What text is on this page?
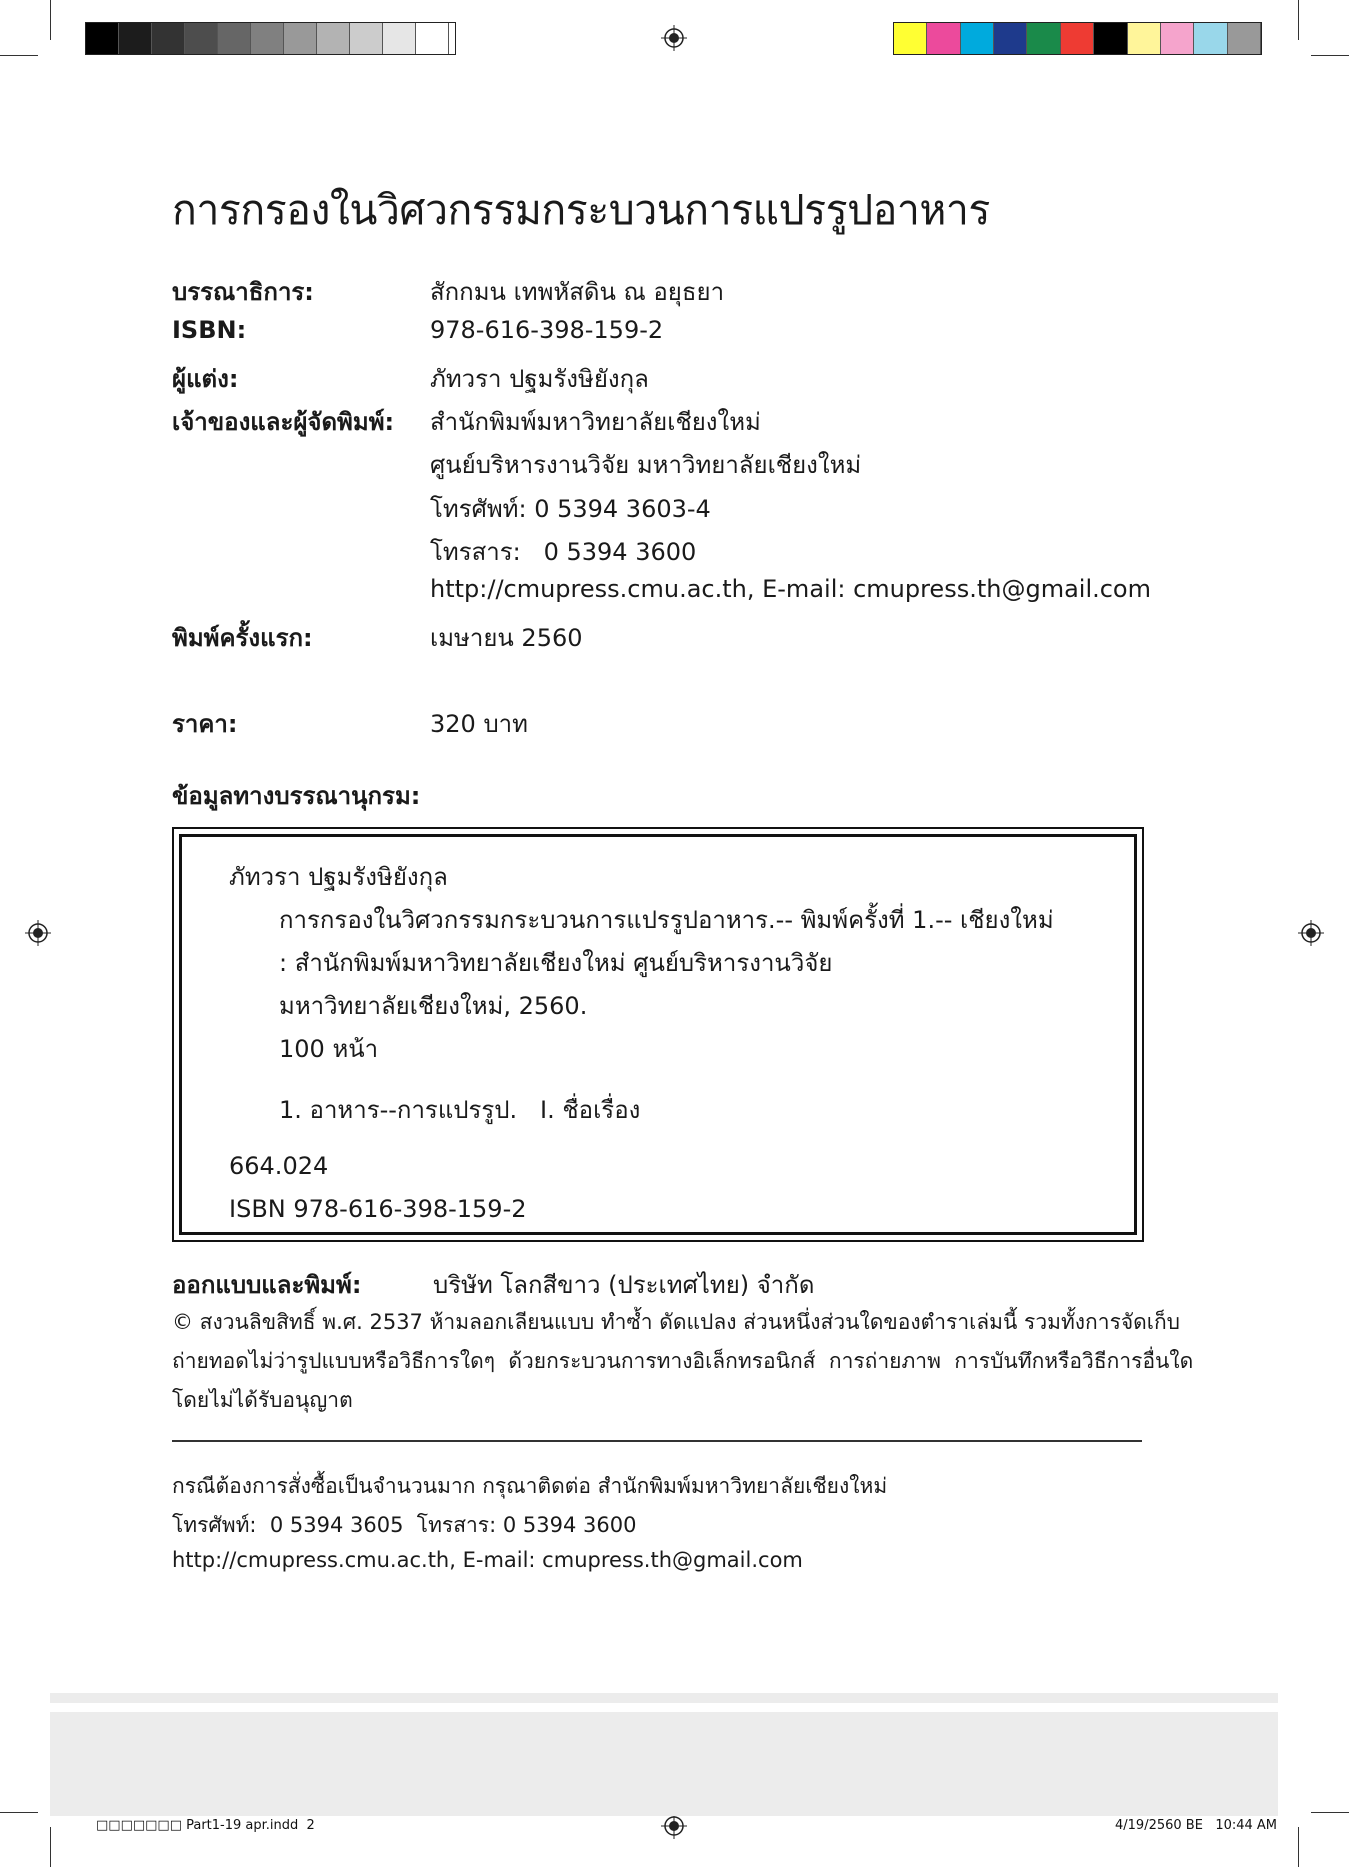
การกรองในวิศวกรรมกระบวนการแปรรูปอาหาร
บรรณาธิการ:	สักกมน เทพหัสดิน ณ อยุธยา
ISBN:	978-616-398-159-2
ผู้แต่ง:	ภัทวรา ปฐมรังษิยังกุล
เจ้าของและผู้จัดพิมพ์: สำนักพิมพ์มหาวิทยาลัยเชียงใหม่
ศูนย์บริหารงานวิจัย มหาวิทยาลัยเชียงใหม่
โทรศัพท์: 0 5394 3603-4
โทรสาร:   0 5394 3600
http://cmupress.cmu.ac.th, E-mail: cmupress.th@gmail.com
พิมพ์ครั้งแรก:	เมษายน 2560
ราคา:	320 บาท
ข้อมูลทางบรรณานุกรม:
ภัทวรา ปฐมรังษิยังกุล
การกรองในวิศวกรรมกระบวนการแปรรูปอาหาร.-- พิมพ์ครั้งที่ 1.-- เชียงใหม่
: สำนักพิมพ์มหาวิทยาลัยเชียงใหม่ ศูนย์บริหารงานวิจัย
มหาวิทยาลัยเชียงใหม่, 2560.
100 หน้า
1. อาหาร--การแปรรูป.   I. ชื่อเรื่อง
664.024
ISBN 978-616-398-159-2
ออกแบบและพิมพ์:	บริษัท โลกสีขาว (ประเทศไทย) จำกัด
© สงวนลิขสิทธิ์ พ.ศ. 2537 ห้ามลอกเลียนแบบ ทำซ้ำ ดัดแปลง ส่วนหนึ่งส่วนใดของตำราเล่มนี้ รวมทั้งการจัดเก็บ
ถ่ายทอดไม่ว่ารูปแบบหรือวิธีการใดๆ  ด้วยกระบวนการทางอิเล็กทรอนิกส์  การถ่ายภาพ  การบันทึกหรือวิธีการอื่นใด
โดยไม่ได้รับอนุญาต
กรณีต้องการสั่งซื้อเป็นจำนวนมาก กรุณาติดต่อ สำนักพิมพ์มหาวิทยาลัยเชียงใหม่
โทรศัพท์:  0 5394 3605  โทรสาร: 0 5394 3600
http://cmupress.cmu.ac.th, E-mail: cmupress.th@gmail.com
□□□□□□□ Part1-19 apr.indd  2	4/19/2560 BE   10:44 AM
